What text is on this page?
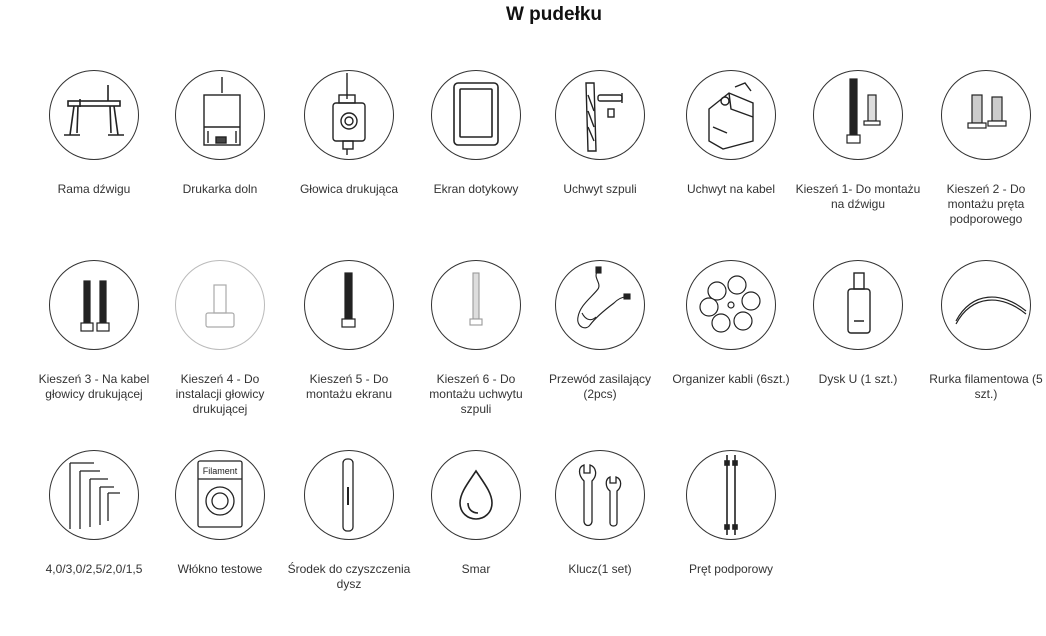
W pudełku
Rama dźwigu	Drukarka doln	Głowica drukująca	Ekran dotykowy	Uchwyt szpuli	Uchwyt na kabel	Kieszeń 1- Do montażu na dźwigu
Kieszeń 2 - Do montażu pręta podporowego
Kieszeń 3 - Na kabel głowicy drukującej
Kieszeń 4 - Do instalacji głowicy drukującej
Kieszeń 5 - Do montażu ekranu
Kieszeń 6 - Do montażu uchwytu szpuli
Przewód zasilający (2pcs)
Organizer kabli (6szt.)	Dysk U (1 szt.)	Rurka filamentowa (5 szt.)
4,0/3,0/2,5/2,0/1,5
Filament
Włókno testowe	Środek do czyszczenia dysz
Smar	Klucz(1 set)	Pręt podporowy
